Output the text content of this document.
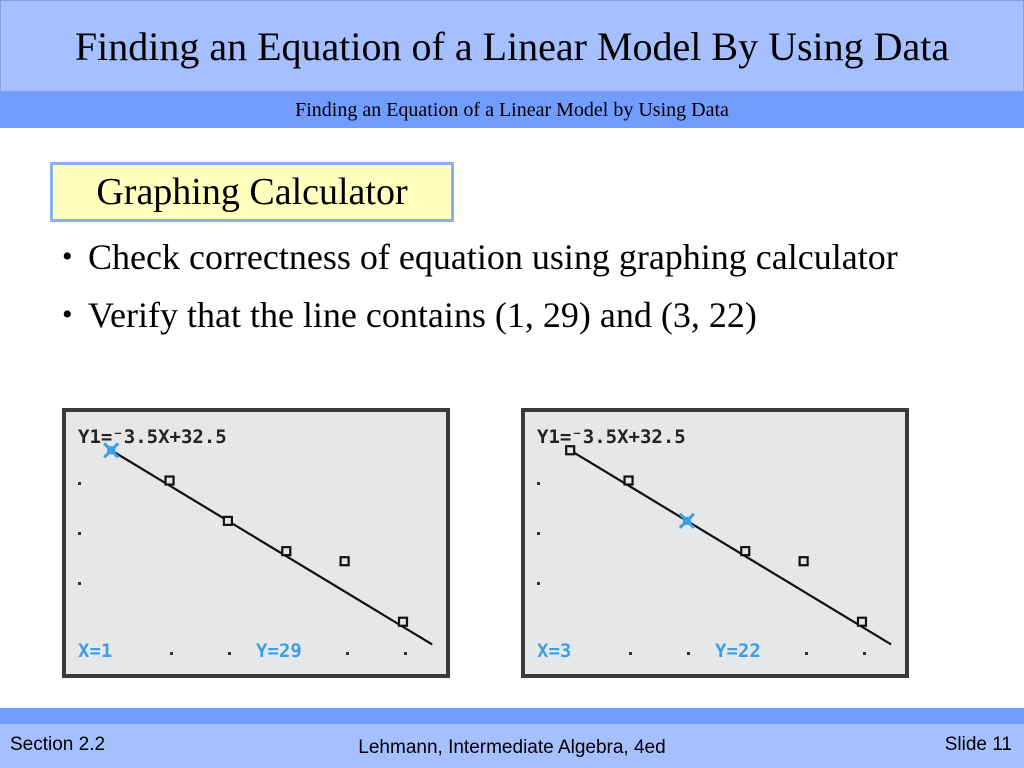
Finding an Equation of a Linear Model By Using Data
Finding an Equation of a Linear Model by Using Data
Graphing Calculator
• Check correctness of equation using graphing calculator
• Verify that the line contains (1, 29) and (3, 22)
Y1=⁻3.5X+32.5
X=1	Y=29
Y1=⁻3.5X+32.5
X=3	Y=22
Section 2.2	Lehmann, Intermediate Algebra, 4ed	Slide 11
